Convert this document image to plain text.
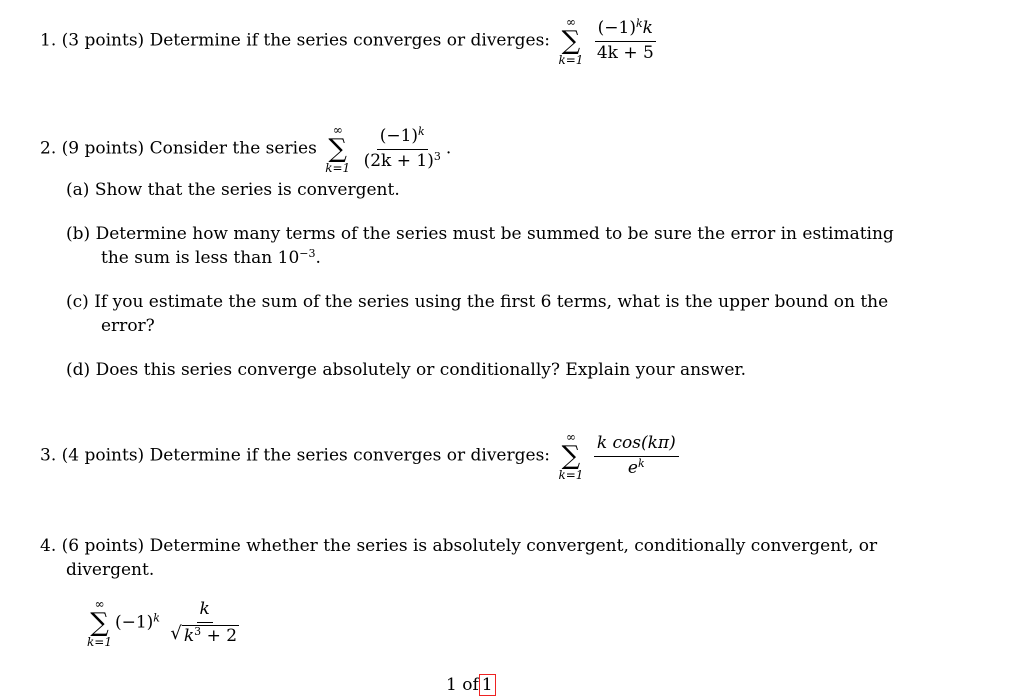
1. (3 points) Determine if the series converges or diverges:
∞
∑
k=1
$\frac{(-1)^kk}{4k + 5}$
2. (9 points) Consider the series
∞
∑
k=1
$\frac{(-1)^k}{(2k + 1)^3}$ .
(a) Show that the series is convergent.
(b) Determine how many terms of the series must be summed to be sure the error in estimating
the sum is less than $10^{-3}$.
(c) If you estimate the sum of the series using the first 6 terms, what is the upper bound on the
error?
(d) Does this series converge absolutely or conditionally? Explain your answer.
3. (4 points) Determine if the series converges or diverges:
∞
∑
k=1
$\frac{\text{k cos(kπ)}}{e^k}$
4. (6 points) Determine whether the series is absolutely convergent, conditionally convergent, or
divergent.
∞
∑
k=1
$(-1)^k \frac{k}{√ k^3 + 2}$
1 of 1
